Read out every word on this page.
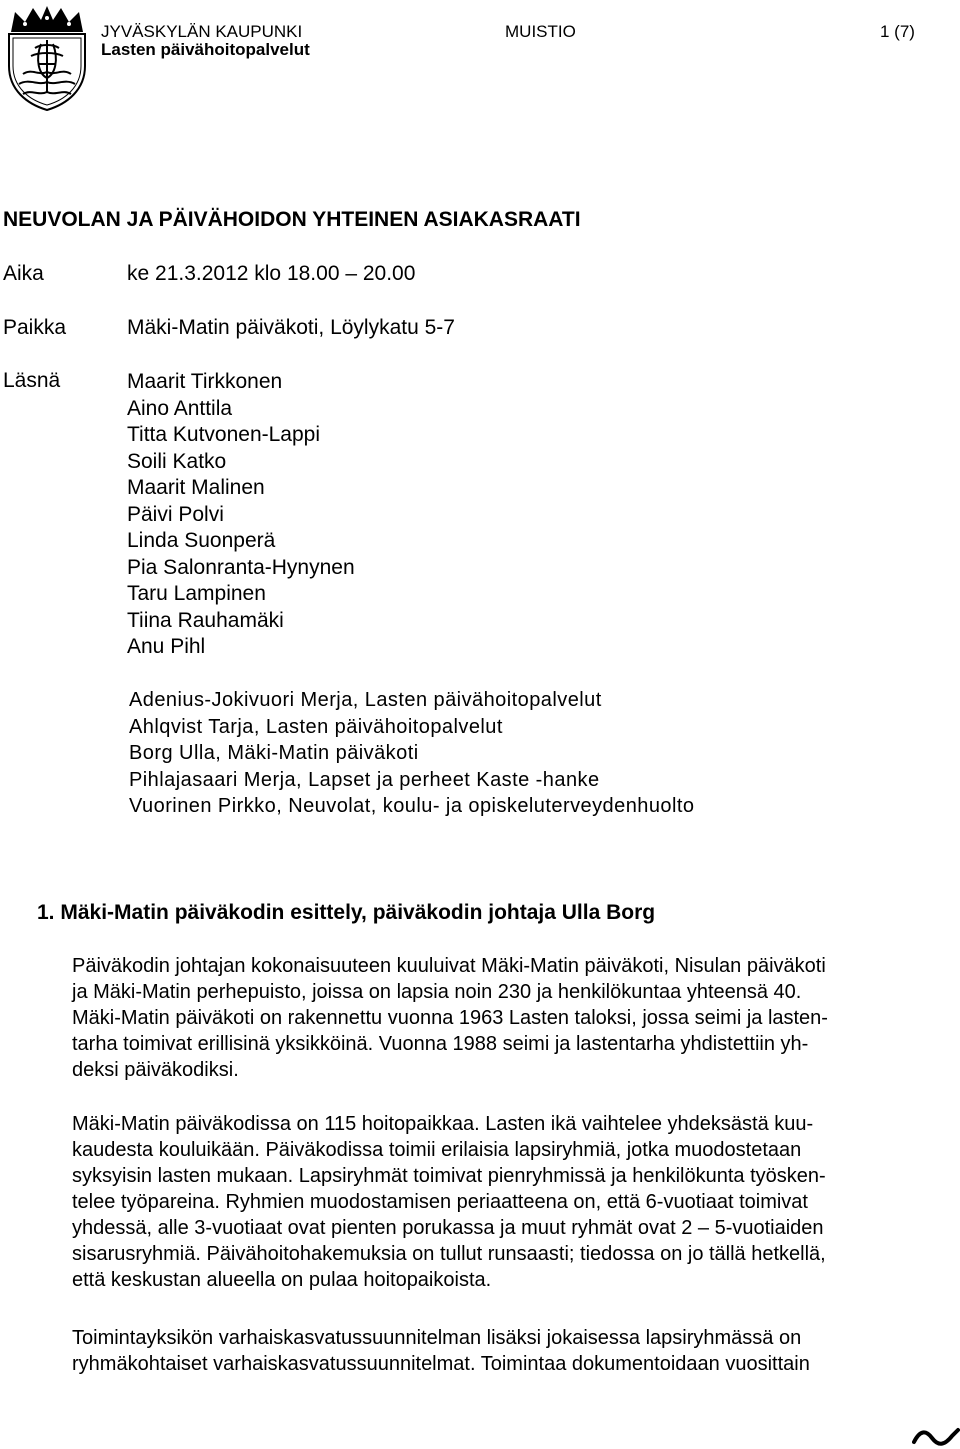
JYVÄSKYLÄN KAUPUNKI
Lasten päivähoitopalvelut
MUISTIO	1 (7)
NEUVOLAN JA PÄIVÄHOIDON YHTEINEN ASIAKASRAATI
Aika	ke 21.3.2012 klo 18.00 – 20.00
Paikka	Mäki-Matin päiväkoti, Löylykatu 5-7
Läsnä	Maarit Tirkkonen
Aino Anttila
Titta Kutvonen-Lappi
Soili Katko
Maarit Malinen
Päivi Polvi
Linda Suonperä
Pia Salonranta-Hynynen
Taru Lampinen
Tiina Rauhamäki
Anu Pihl
Adenius-Jokivuori Merja, Lasten päivähoitopalvelut
Ahlqvist Tarja, Lasten päivähoitopalvelut
Borg Ulla, Mäki-Matin päiväkoti
Pihlajasaari Merja, Lapset ja perheet Kaste -hanke
Vuorinen Pirkko, Neuvolat, koulu- ja opiskeluterveydenhuolto
1. Mäki-Matin päiväkodin esittely, päiväkodin johtaja Ulla Borg
Päiväkodin johtajan kokonaisuuteen kuuluivat Mäki-Matin päiväkoti, Nisulan päiväkoti
ja Mäki-Matin perhepuisto, joissa on lapsia noin 230 ja henkilökuntaa yhteensä 40.
Mäki-Matin päiväkoti on rakennettu vuonna 1963 Lasten taloksi, jossa seimi ja lasten-
tarha toimivat erillisinä yksikköinä. Vuonna 1988 seimi ja lastentarha yhdistettiin yh-
deksi päiväkodiksi.
Mäki-Matin päiväkodissa on 115 hoitopaikkaa. Lasten ikä vaihtelee yhdeksästä kuu-
kaudesta kouluikään. Päiväkodissa toimii erilaisia lapsiryhmiä, jotka muodostetaan
syksyisin lasten mukaan. Lapsiryhmät toimivat pienryhmissä ja henkilökunta työsken-
telee työpareina. Ryhmien muodostamisen periaatteena on, että 6-vuotiaat toimivat
yhdessä, alle 3-vuotiaat ovat pienten porukassa ja muut ryhmät ovat 2 – 5-vuotiaiden
sisarusryhmiä. Päivähoitohakemuksia on tullut runsaasti; tiedossa on jo tällä hetkellä,
että keskustan alueella on pulaa hoitopaikoista.
Toimintayksikön varhaiskasvatussuunnitelman lisäksi jokaisessa lapsiryhmässä on
ryhmäkohtaiset varhaiskasvatussuunnitelmat. Toimintaa dokumentoidaan vuosittain
